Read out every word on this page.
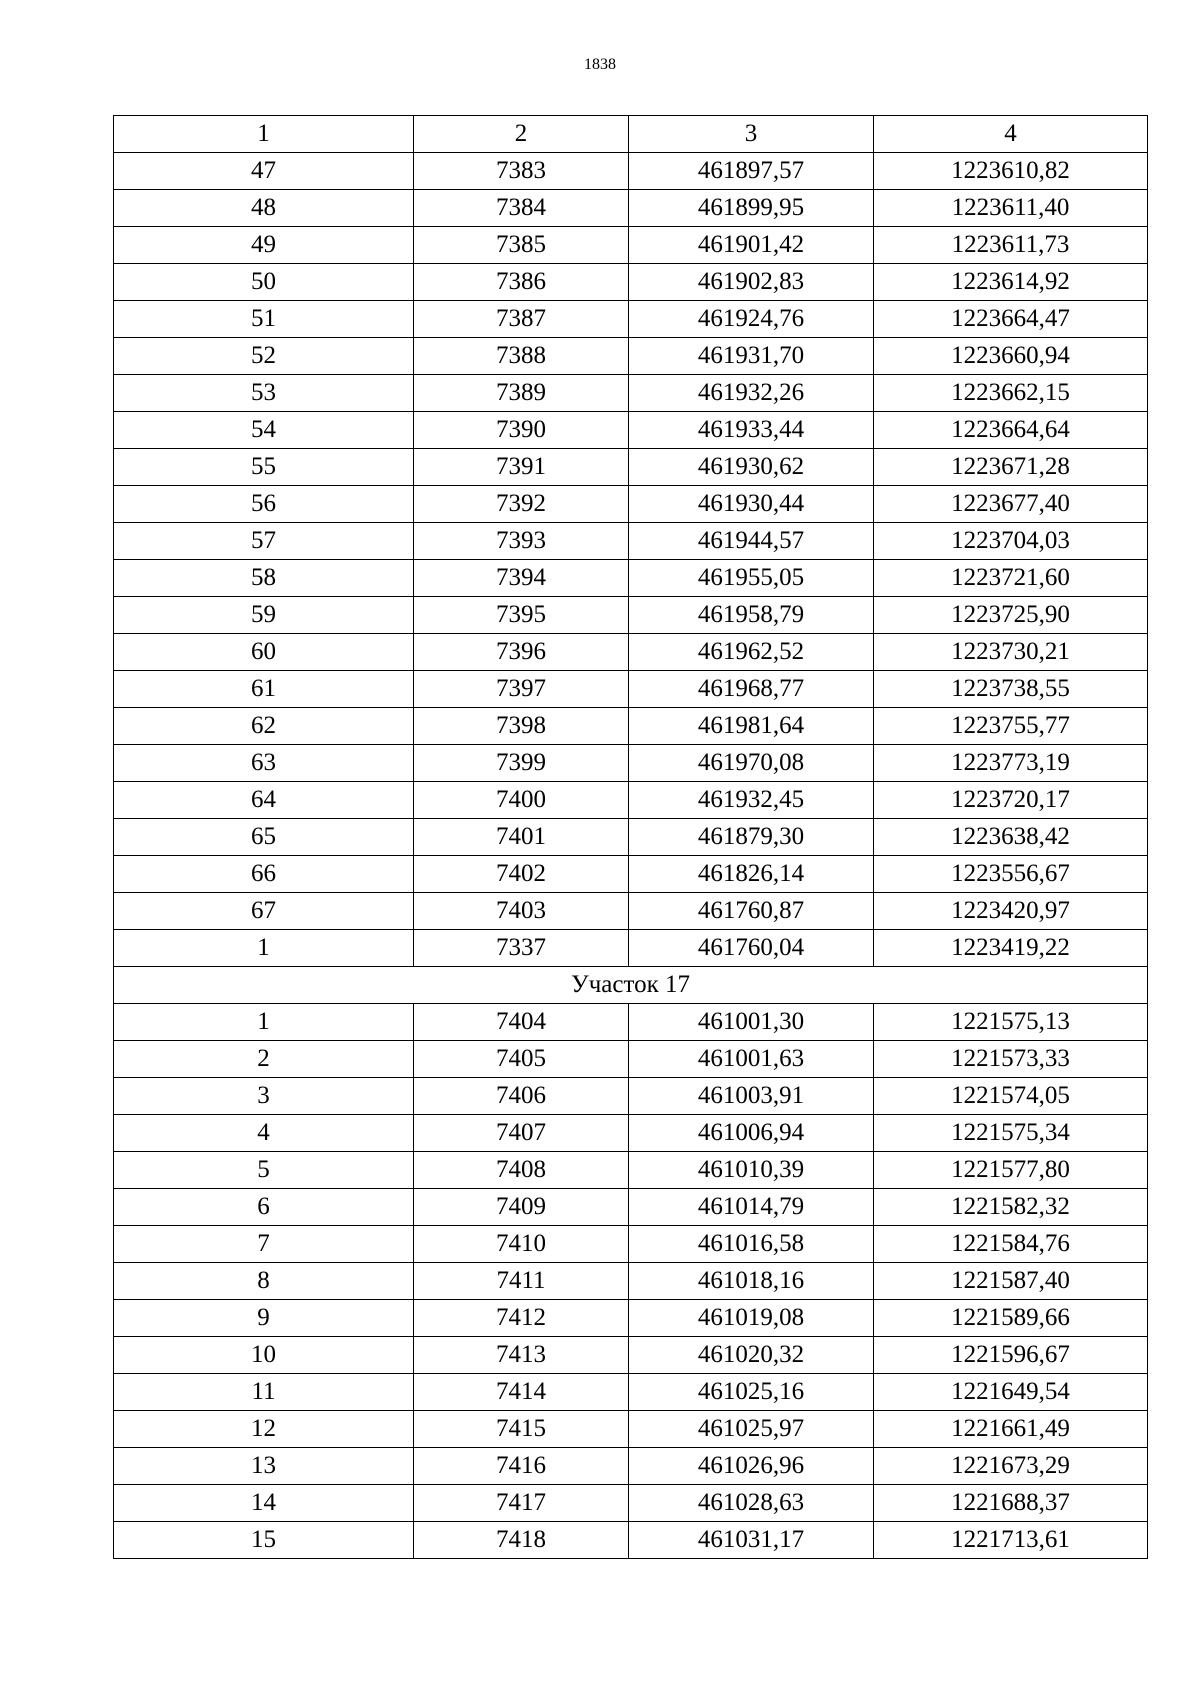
1838
1	2	3	4
47	7383	461897,57	1223610,82
48	7384	461899,95	1223611,40
49	7385	461901,42	1223611,73
50	7386	461902,83	1223614,92
51	7387	461924,76	1223664,47
52	7388	461931,70	1223660,94
53	7389	461932,26	1223662,15
54	7390	461933,44	1223664,64
55	7391	461930,62	1223671,28
56	7392	461930,44	1223677,40
57	7393	461944,57	1223704,03
58	7394	461955,05	1223721,60
59	7395	461958,79	1223725,90
60	7396	461962,52	1223730,21
61	7397	461968,77	1223738,55
62	7398	461981,64	1223755,77
63	7399	461970,08	1223773,19
64	7400	461932,45	1223720,17
65	7401	461879,30	1223638,42
66	7402	461826,14	1223556,67
67	7403	461760,87	1223420,97
1	7337	461760,04	1223419,22
Участок 17			
1	7404	461001,30	1221575,13
2	7405	461001,63	1221573,33
3	7406	461003,91	1221574,05
4	7407	461006,94	1221575,34
5	7408	461010,39	1221577,80
6	7409	461014,79	1221582,32
7	7410	461016,58	1221584,76
8	7411	461018,16	1221587,40
9	7412	461019,08	1221589,66
10	7413	461020,32	1221596,67
11	7414	461025,16	1221649,54
12	7415	461025,97	1221661,49
13	7416	461026,96	1221673,29
14	7417	461028,63	1221688,37
15	7418	461031,17	1221713,61
